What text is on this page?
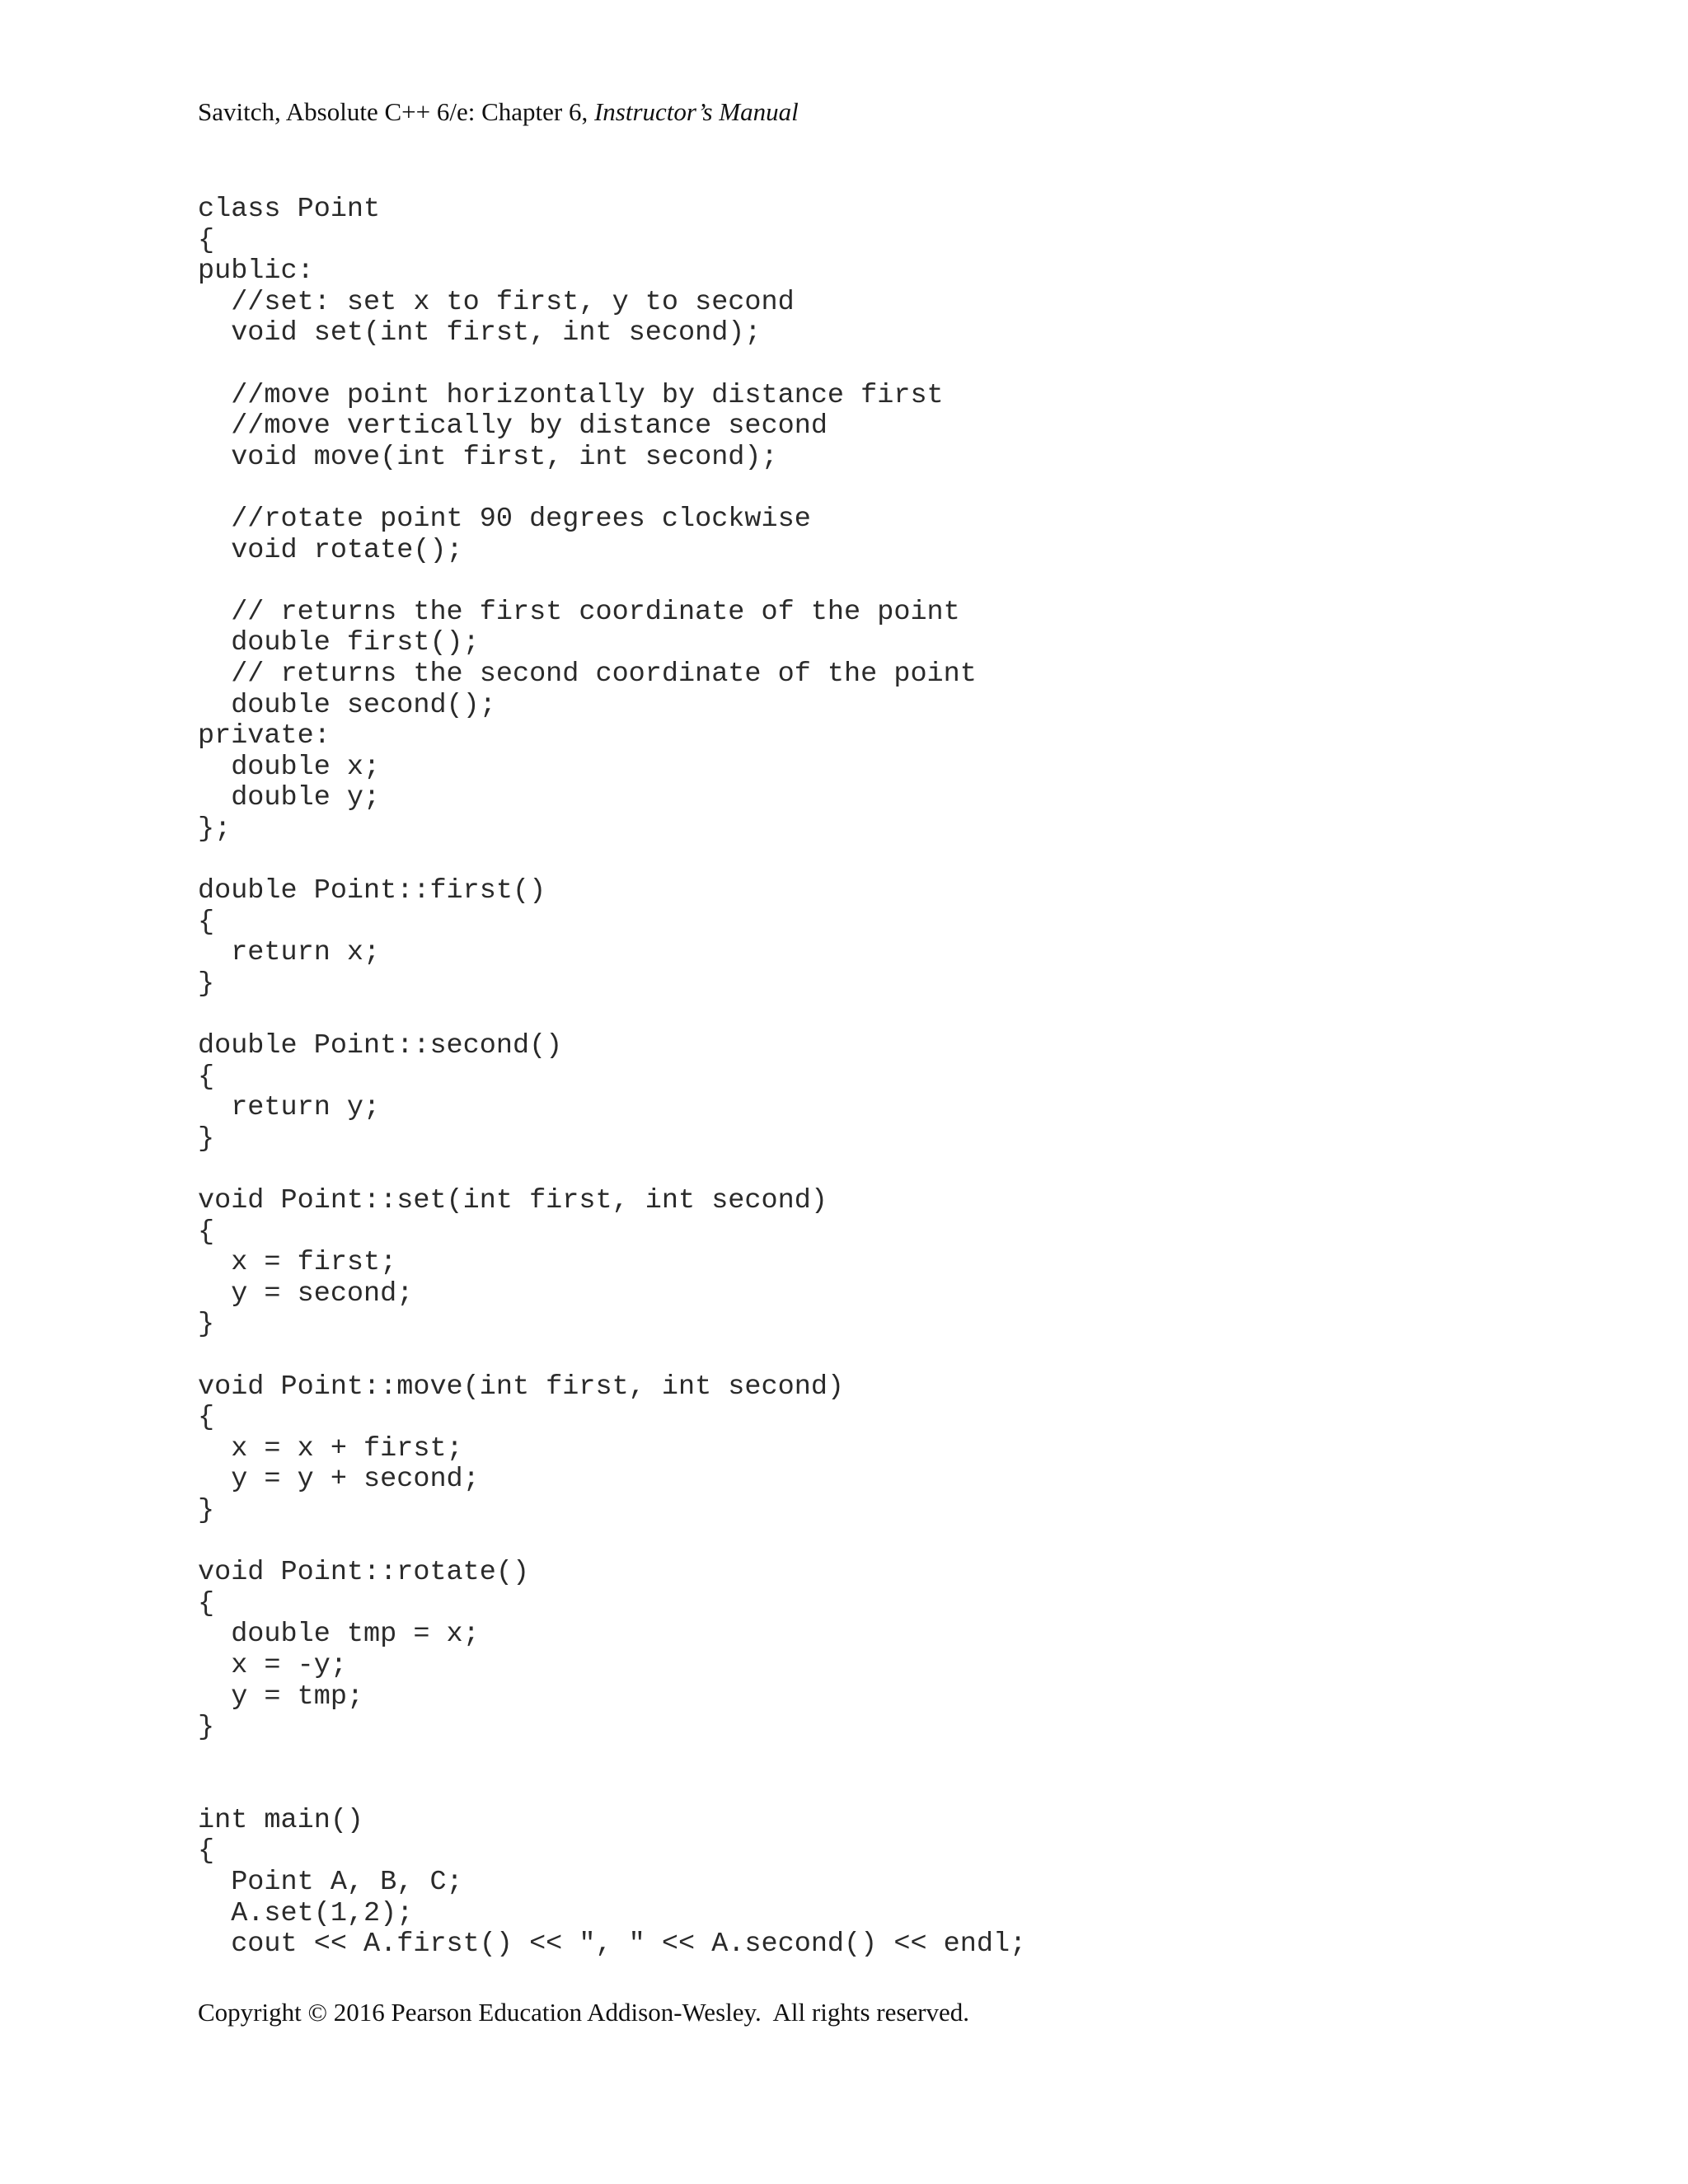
Savitch, Absolute C++ 6/e: Chapter 6, Instructor’s Manual
class Point
{
public:
//set: set x to first, y to second
void set(int first, int second);
//move point horizontally by distance first
//move vertically by distance second
void move(int first, int second);
//rotate point 90 degrees clockwise
void rotate();
// returns the first coordinate of the point
double first();
// returns the second coordinate of the point
double second();
private:
double x;
double y;
};
double Point::first()
{
return x;
}
double Point::second()
{
return y;
}
void Point::set(int first, int second)
{
x = first;
y = second;
}
void Point::move(int first, int second)
{
x = x + first;
y = y + second;
}
void Point::rotate()
{
double tmp = x;
x = -y;
y = tmp;
}
int main()
{
Point A, B, C;
A.set(1,2);
cout << A.first() << ", " << A.second() << endl;
Copyright © 2016 Pearson Education Addison-Wesley.  All rights reserved.
